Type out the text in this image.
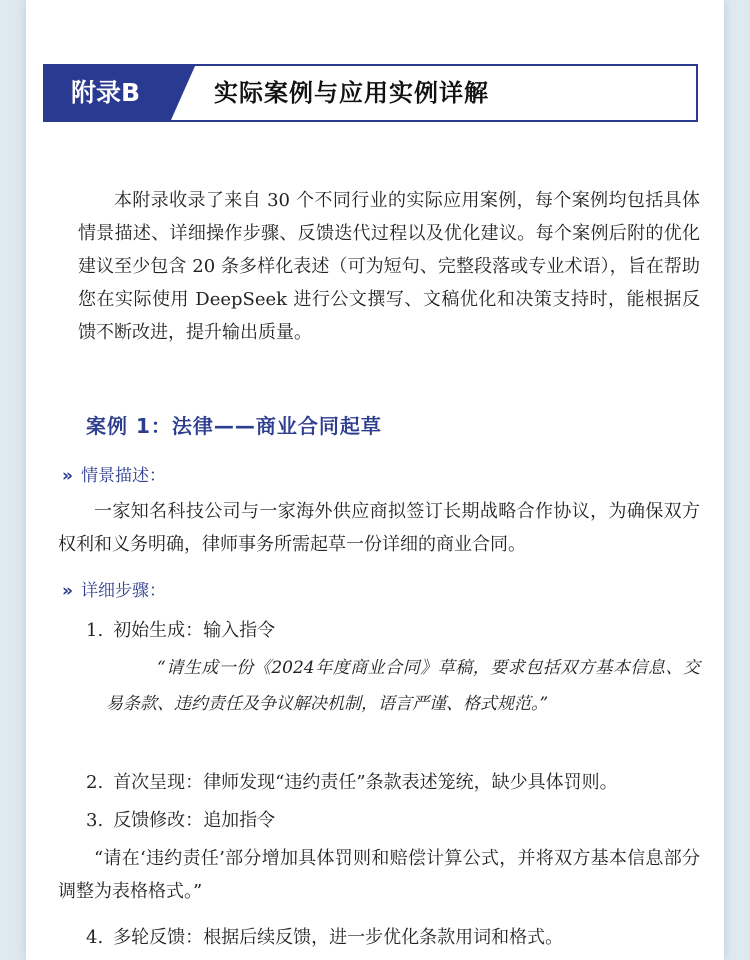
附录B	实际案例与应用实例详解

本附录收录了来自 30 个不同行业的实际应用案例，每个案例均包括具体情景描述、详细操作步骤、反馈迭代过程以及优化建议。每个案例后附的优化建议至少包含 20 条多样化表述（可为短句、完整段落或专业术语），旨在帮助您在实际使用 DeepSeek 进行公文撰写、文稿优化和决策支持时，能根据反馈不断改进，提升输出质量。

案例 1：法律——商业合同起草
» 情景描述：

一家知名科技公司与一家海外供应商拟签订长期战略合作协议，为确保双方权利和义务明确，律师事务所需起草一份详细的商业合同。

» 详细步骤：
1. 初始生成：输入指令

“请生成一份《2024年度商业合同》草稿，要求包括双方基本信息、交易条款、违约责任及争议解决机制，语言严谨、格式规范。”

2. 首次呈现：律师发现“违约责任”条款表述笼统，缺少具体罚则。
3. 反馈修改：追加指令

“请在‘违约责任’部分增加具体罚则和赔偿计算公式，并将双方基本信息部分调整为表格格式。”

4. 多轮反馈：根据后续反馈，进一步优化条款用词和格式。
